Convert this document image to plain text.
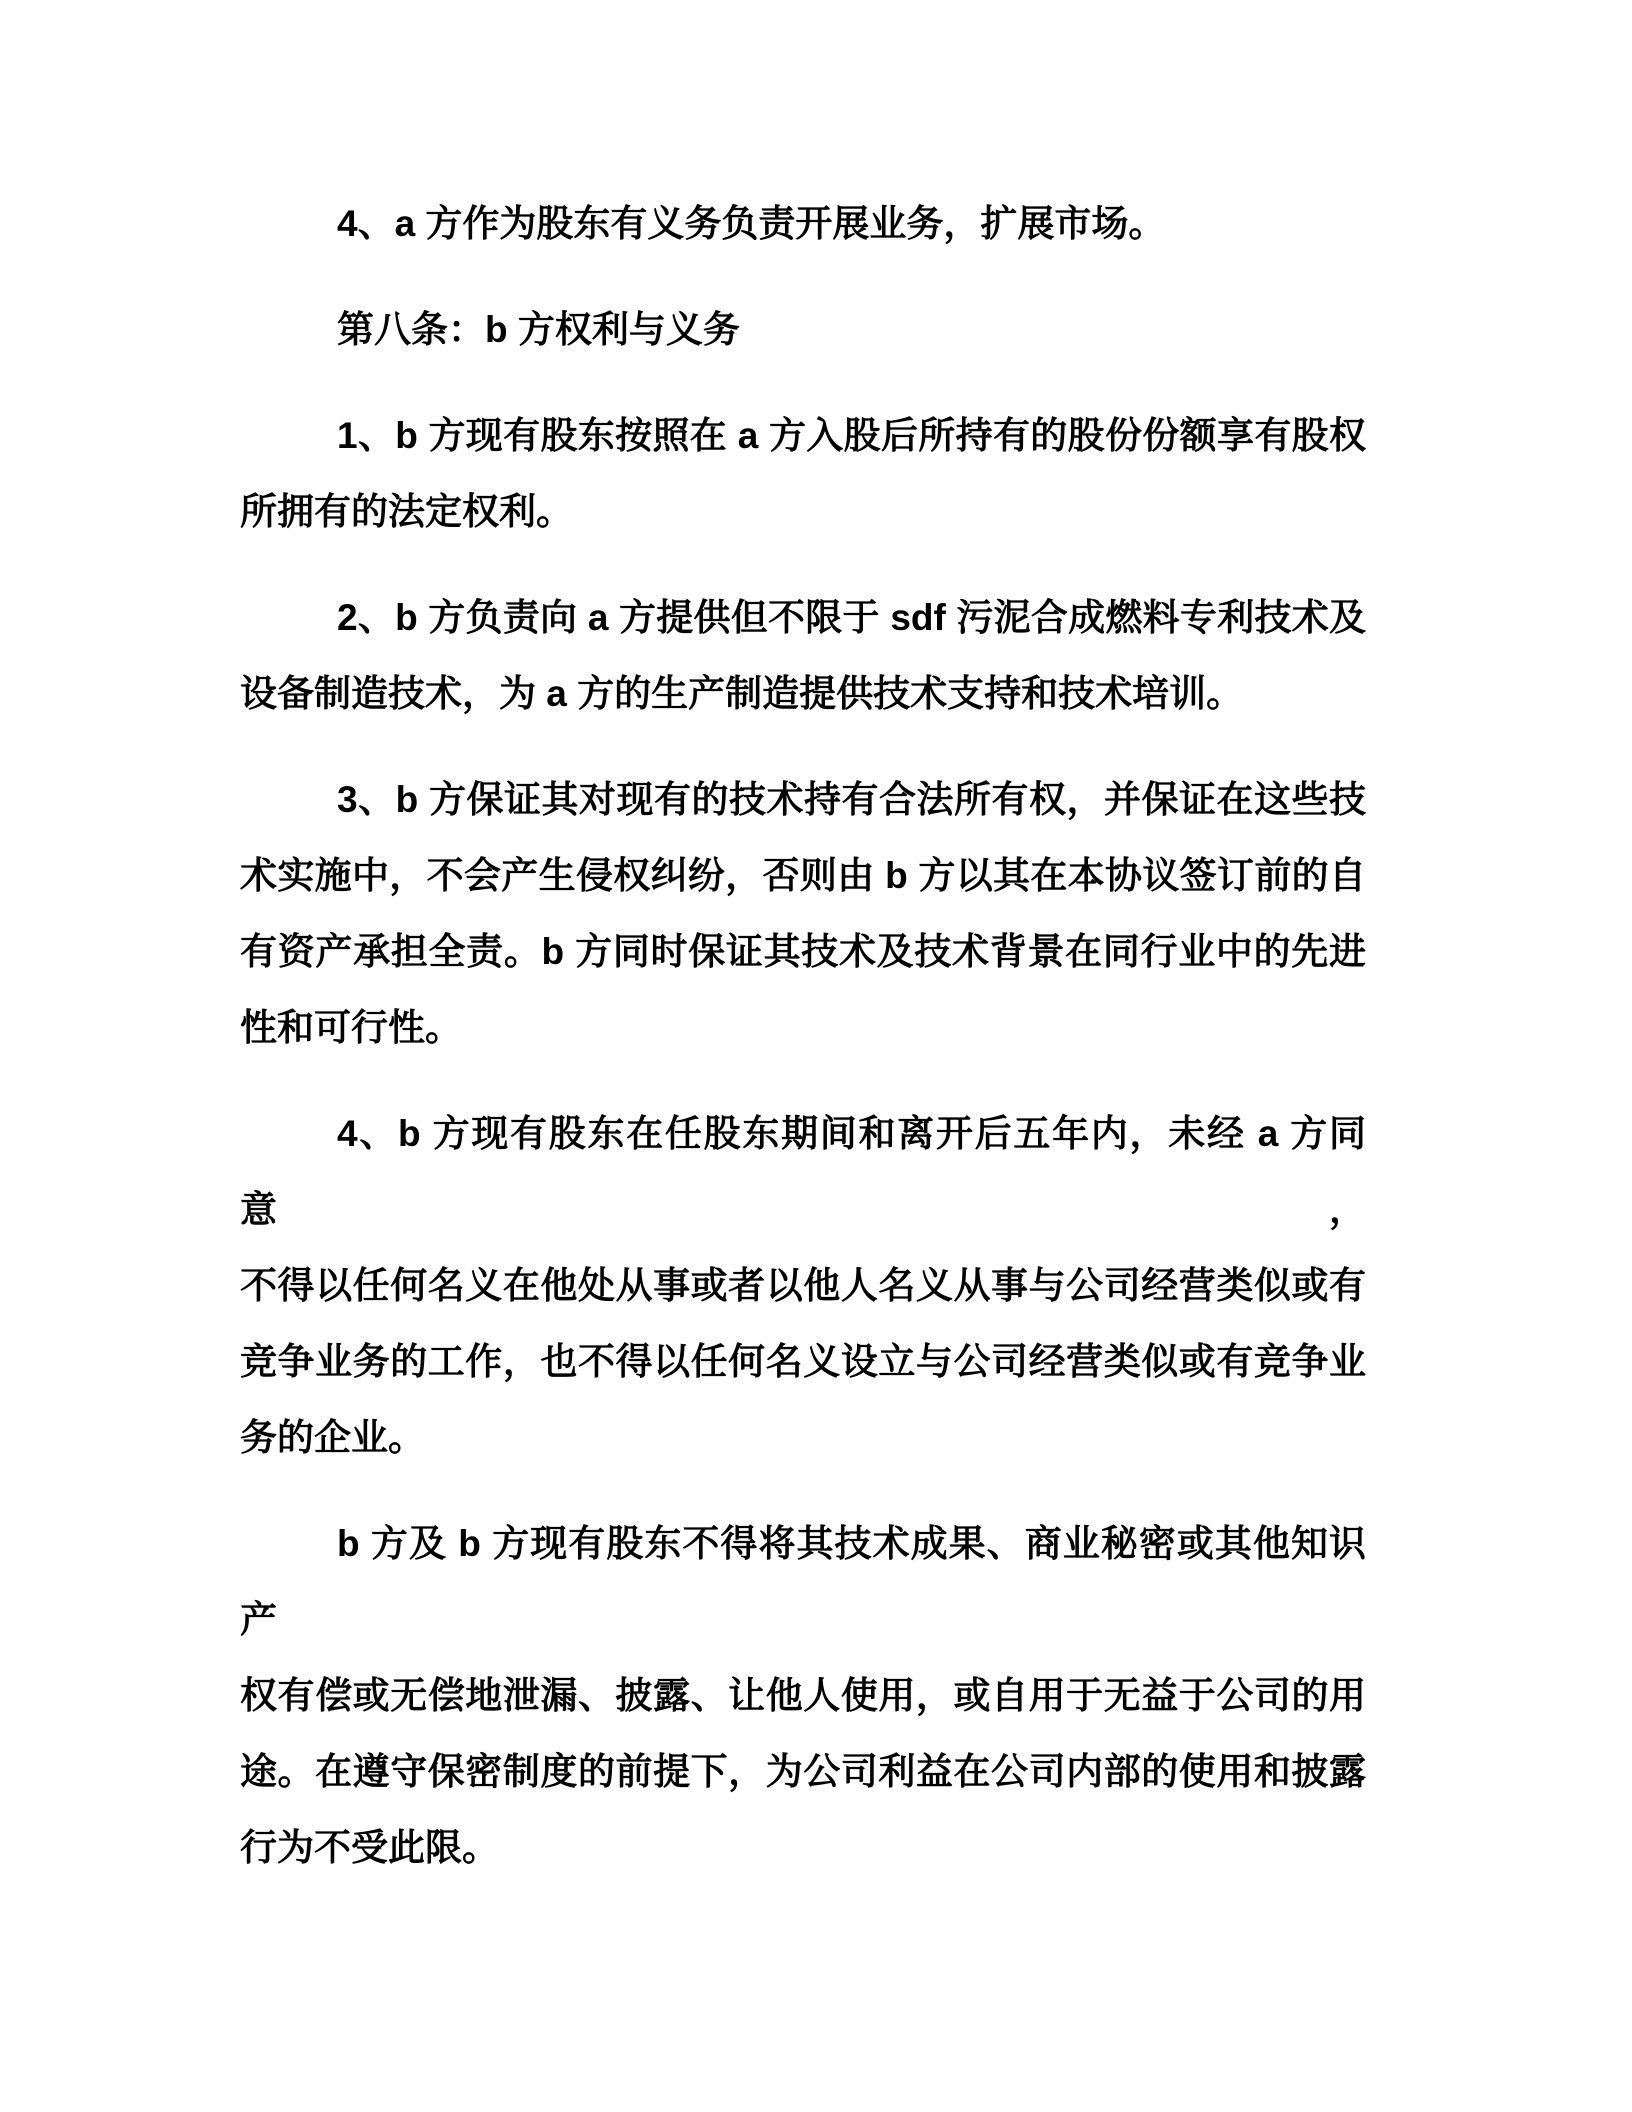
4、a 方作为股东有义务负责开展业务，扩展市场。
第八条：b 方权利与义务
1、b 方现有股东按照在 a 方入股后所持有的股份份额享有股权
所拥有的法定权利。
2、b 方负责向 a 方提供但不限于 sdf 污泥合成燃料专利技术及
设备制造技术，为 a 方的生产制造提供技术支持和技术培训。
3、b 方保证其对现有的技术持有合法所有权，并保证在这些技
术实施中，不会产生侵权纠纷，否则由 b 方以其在本协议签订前的自
有资产承担全责。b 方同时保证其技术及技术背景在同行业中的先进
性和可行性。
4、b 方现有股东在任股东期间和离开后五年内，未经 a 方同意，
不得以任何名义在他处从事或者以他人名义从事与公司经营类似或有
竞争业务的工作，也不得以任何名义设立与公司经营类似或有竞争业
务的企业。
b 方及 b 方现有股东不得将其技术成果、商业秘密或其他知识产
权有偿或无偿地泄漏、披露、让他人使用，或自用于无益于公司的用
途。在遵守保密制度的前提下，为公司利益在公司内部的使用和披露
行为不受此限。
